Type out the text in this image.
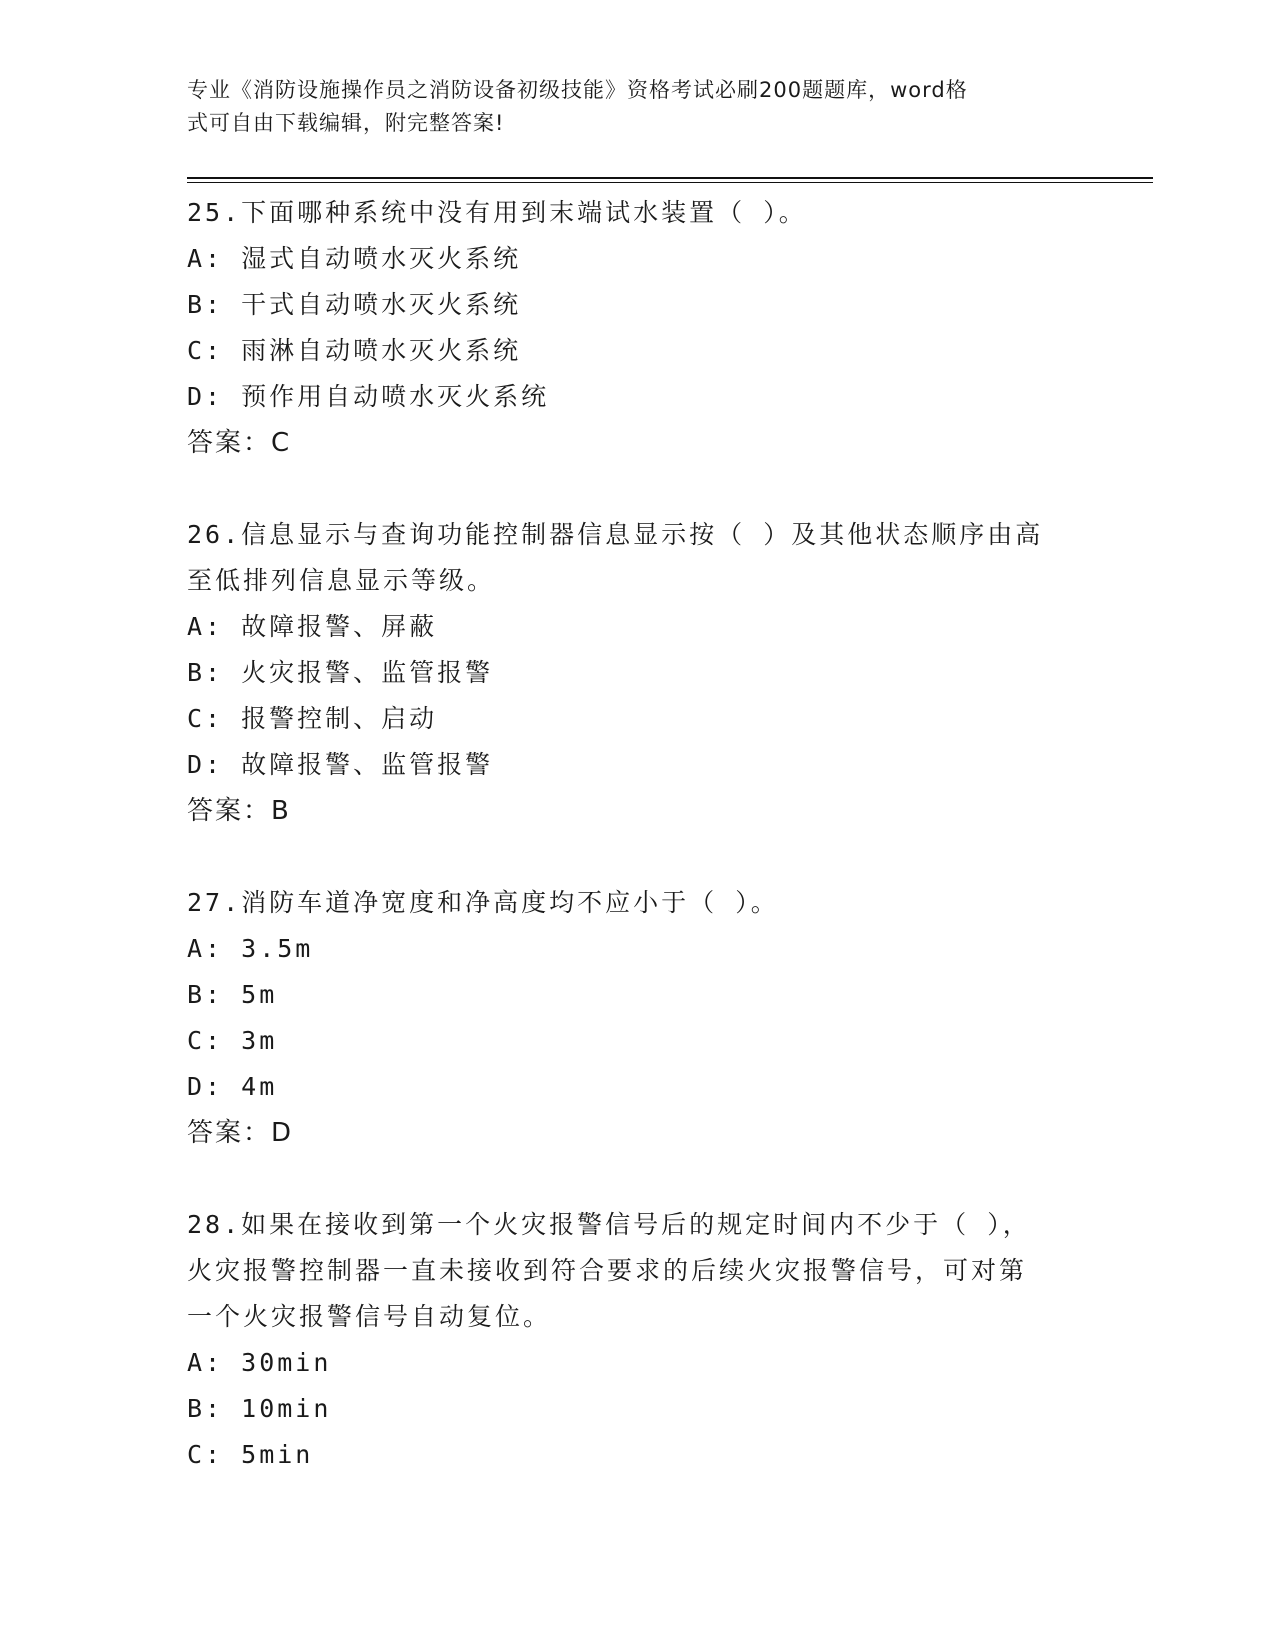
专业《消防设施操作员之消防设备初级技能》资格考试必刷200题题库，word格
式可自由下载编辑，附完整答案!

25.下面哪种系统中没有用到末端试水装置（ ）。

A: 湿式自动喷水灭火系统

B: 干式自动喷水灭火系统

C: 雨淋自动喷水灭火系统

D: 预作用自动喷水灭火系统

答案：C

26.信息显示与查询功能控制器信息显示按（ ）及其他状态顺序由高

至低排列信息显示等级。

A: 故障报警、屏蔽

B: 火灾报警、监管报警

C: 报警控制、启动

D: 故障报警、监管报警

答案：B

27.消防车道净宽度和净高度均不应小于（ ）。

A: 3.5m

B: 5m

C: 3m

D: 4m

答案：D

28.如果在接收到第一个火灾报警信号后的规定时间内不少于（ ），

火灾报警控制器一直未接收到符合要求的后续火灾报警信号，可对第

一个火灾报警信号自动复位。

A: 30min

B: 10min

C: 5min
